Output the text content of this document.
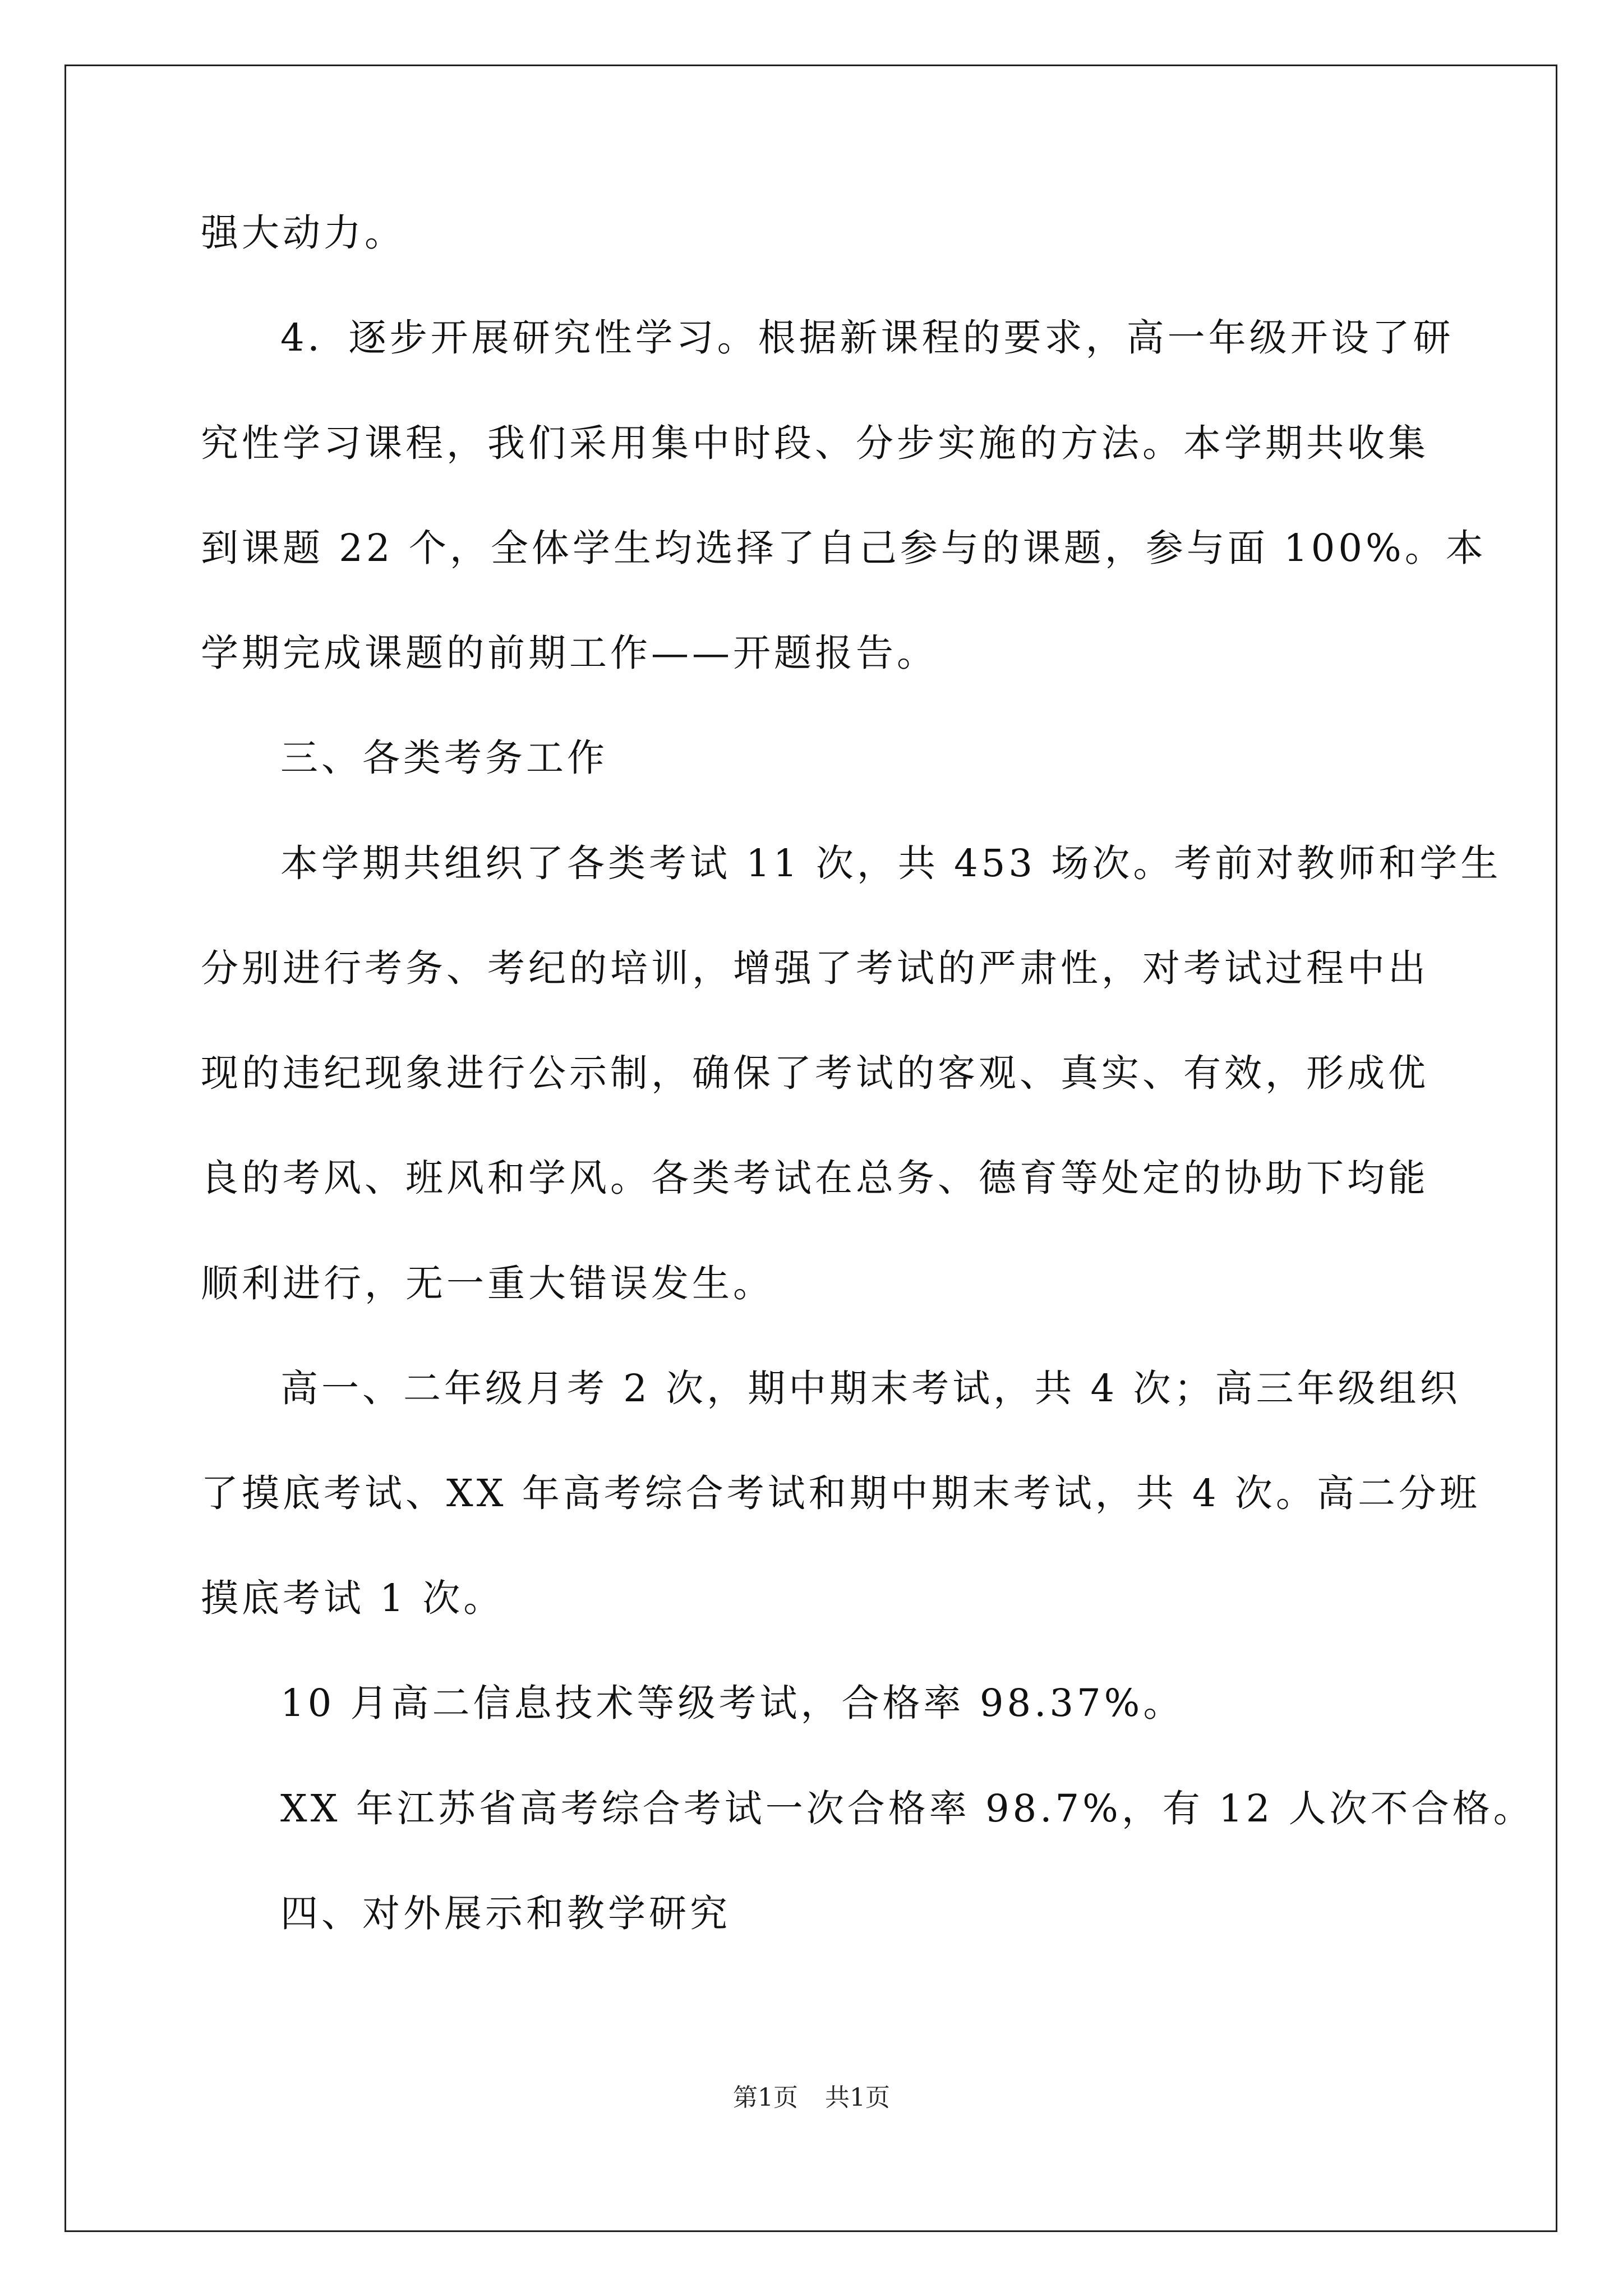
强大动力。
4．逐步开展研究性学习。根据新课程的要求，高一年级开设了研
究性学习课程，我们采用集中时段、分步实施的方法。本学期共收集
到课题 22 个，全体学生均选择了自己参与的课题，参与面 100%。本
学期完成课题的前期工作——开题报告。
三、各类考务工作
本学期共组织了各类考试 11 次，共 453 场次。考前对教师和学生
分别进行考务、考纪的培训，增强了考试的严肃性，对考试过程中出
现的违纪现象进行公示制，确保了考试的客观、真实、有效，形成优
良的考风、班风和学风。各类考试在总务、德育等处定的协助下均能
顺利进行，无一重大错误发生。
高一、二年级月考 2 次，期中期末考试，共 4 次；高三年级组织
了摸底考试、XX 年高考综合考试和期中期末考试，共 4 次。高二分班
摸底考试 1 次。
10 月高二信息技术等级考试，合格率 98.37%。
XX 年江苏省高考综合考试一次合格率 98.7%，有 12 人次不合格。
四、对外展示和教学研究
第1页 共1页
